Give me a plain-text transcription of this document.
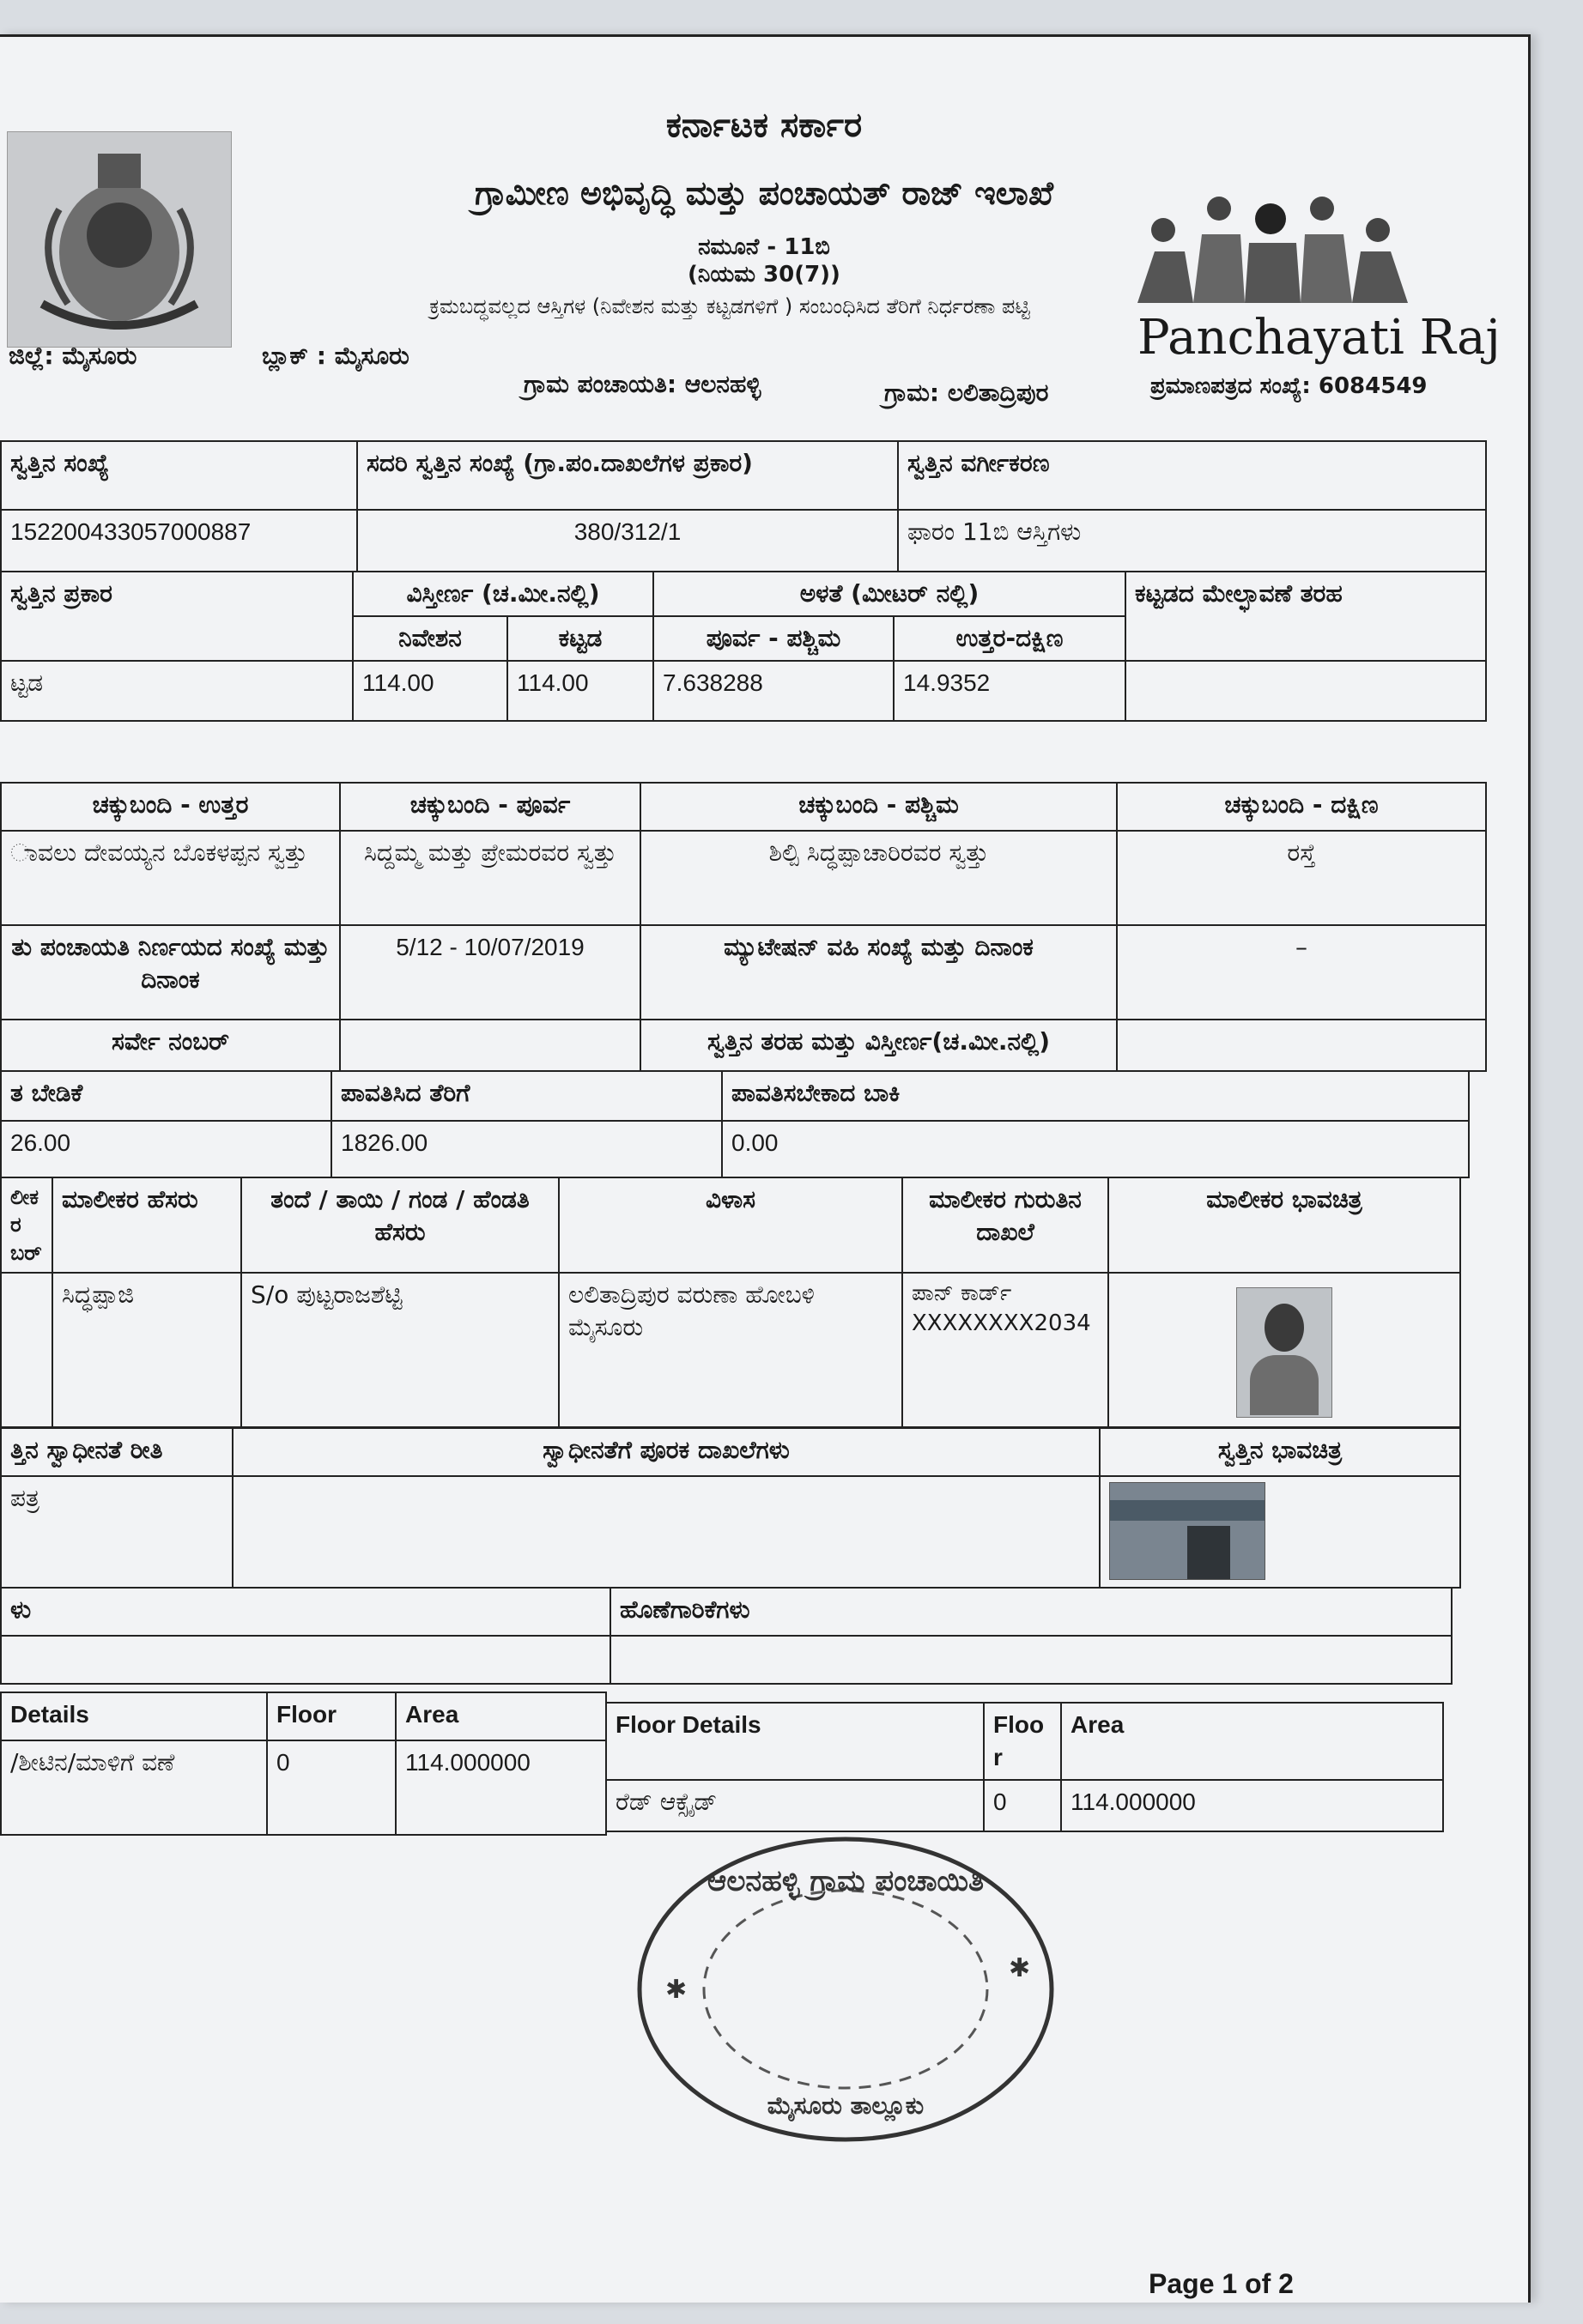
ಕರ್ನಾಟಕ ಸರ್ಕಾರ
ಗ್ರಾಮೀಣ ಅಭಿವೃದ್ಧಿ ಮತ್ತು ಪಂಚಾಯತ್ ರಾಜ್ ಇಲಾಖೆ
ನಮೂನೆ - 11ಬಿ
(ನಿಯಮ 30(7))
ಕ್ರಮಬದ್ಧವಲ್ಲದ ಆಸ್ತಿಗಳ (ನಿವೇಶನ ಮತ್ತು ಕಟ್ಟಡಗಳಿಗೆ ) ಸಂಬಂಧಿಸಿದ ತೆರಿಗೆ ನಿರ್ಧರಣಾ ಪಟ್ಟಿ
ಜಿಲ್ಲೆ: ಮೈಸೂರು	ಬ್ಲಾಕ್ : ಮೈಸೂರು
ಗ್ರಾಮ ಪಂಚಾಯತಿ: ಆಲನಹಳ್ಳಿ	ಗ್ರಾಮ: ಲಲಿತಾದ್ರಿಪುರ	ಪ್ರಮಾಣಪತ್ರದ ಸಂಖ್ಯೆ: 6084549
Panchayati Raj
ಸ್ವತ್ತಿನ ಸಂಖ್ಯೆ	ಸದರಿ ಸ್ವತ್ತಿನ ಸಂಖ್ಯೆ (ಗ್ರಾ.ಪಂ.ದಾಖಲೆಗಳ ಪ್ರಕಾರ)	ಸ್ವತ್ತಿನ ವರ್ಗೀಕರಣ
152200433057000887	380/312/1	ಫಾರಂ 11ಬಿ ಆಸ್ತಿಗಳು
ಸ್ವತ್ತಿನ ಪ್ರಕಾರ	ವಿಸ್ತೀರ್ಣ (ಚ.ಮೀ.ನಲ್ಲಿ)		ಅಳತೆ (ಮೀಟರ್ ನಲ್ಲಿ)		ಕಟ್ಟಡದ ಮೇಲ್ಛಾವಣೆ ತರಹ
	ನಿವೇಶನ	ಕಟ್ಟಡ	ಪೂರ್ವ - ಪಶ್ಚಿಮ	ಉತ್ತರ-ದಕ್ಷಿಣ	
ಟ್ಟಡ	114.00	114.00	7.638288	14.9352	
ಚಕ್ಕುಬಂದಿ - ಉತ್ತರ	ಚಕ್ಕುಬಂದಿ - ಪೂರ್ವ	ಚಕ್ಕುಬಂದಿ - ಪಶ್ಚಿಮ	ಚಕ್ಕುಬಂದಿ - ದಕ್ಷಿಣ
ಾವಲು ದೇವಯ್ಯನ ಬೊಕಳಪ್ಪನ ಸ್ವತ್ತು	ಸಿದ್ದಮ್ಮ ಮತ್ತು ಪ್ರೇಮರವರ ಸ್ವತ್ತು	ಶಿಲ್ಪಿ ಸಿದ್ಧಪ್ಪಾಚಾರಿರವರ ಸ್ವತ್ತು	ರಸ್ತೆ
ತು ಪಂಚಾಯತಿ ನಿರ್ಣಯದ ಸಂಖ್ಯೆ ಮತ್ತು ದಿನಾಂಕ	5/12 - 10/07/2019	ಮ್ಯುಟೇಷನ್ ವಹಿ ಸಂಖ್ಯೆ ಮತ್ತು ದಿನಾಂಕ	–
ಸರ್ವೇ ನಂಬರ್		ಸ್ವತ್ತಿನ ತರಹ ಮತ್ತು ವಿಸ್ತೀರ್ಣ(ಚ.ಮೀ.ನಲ್ಲಿ)	
ತ ಬೇಡಿಕೆ	ಪಾವತಿಸಿದ ತೆರಿಗೆ	ಪಾವತಿಸಬೇಕಾದ ಬಾಕಿ
26.00	1826.00	0.00
ಲೀಕರ ಬರ್	ಮಾಲೀಕರ ಹೆಸರು	ತಂದೆ / ತಾಯಿ / ಗಂಡ / ಹೆಂಡತಿ ಹೆಸರು	ವಿಳಾಸ	ಮಾಲೀಕರ ಗುರುತಿನ ದಾಖಲೆ	ಮಾಲೀಕರ ಭಾವಚಿತ್ರ
	ಸಿದ್ಧಪ್ಪಾಜಿ	S/o ಪುಟ್ಟರಾಜಶೆಟ್ಟಿ	ಲಲಿತಾದ್ರಿಪುರ ವರುಣಾ ಹೋಬಳಿ ಮೈಸೂರು	ಪಾನ್ ಕಾರ್ಡ್ XXXXXXXX2034	
ತ್ತಿನ ಸ್ವಾಧೀನತೆ ರೀತಿ	ಸ್ವಾಧೀನತೆಗೆ ಪೂರಕ ದಾಖಲೆಗಳು	ಸ್ವತ್ತಿನ ಭಾವಚಿತ್ರ
ಪತ್ರ		
ಳು	ಹೊಣೆಗಾರಿಕೆಗಳು

Details	Floor	Area
/ಶೀಟಿನ/ಮಾಳಿಗೆ ವಣೆ	0	114.000000
Floor Details	Floor	Area
ರೆಡ್ ಆಕ್ಸೈಡ್	0	114.000000
ಆಲನಹಳ್ಳಿ ಗ್ರಾಮ ಪಂಚಾಯಿತಿ
ಮೈಸೂರು ತಾಲ್ಲೂಕು
✱
✱
Page 1 of 2
